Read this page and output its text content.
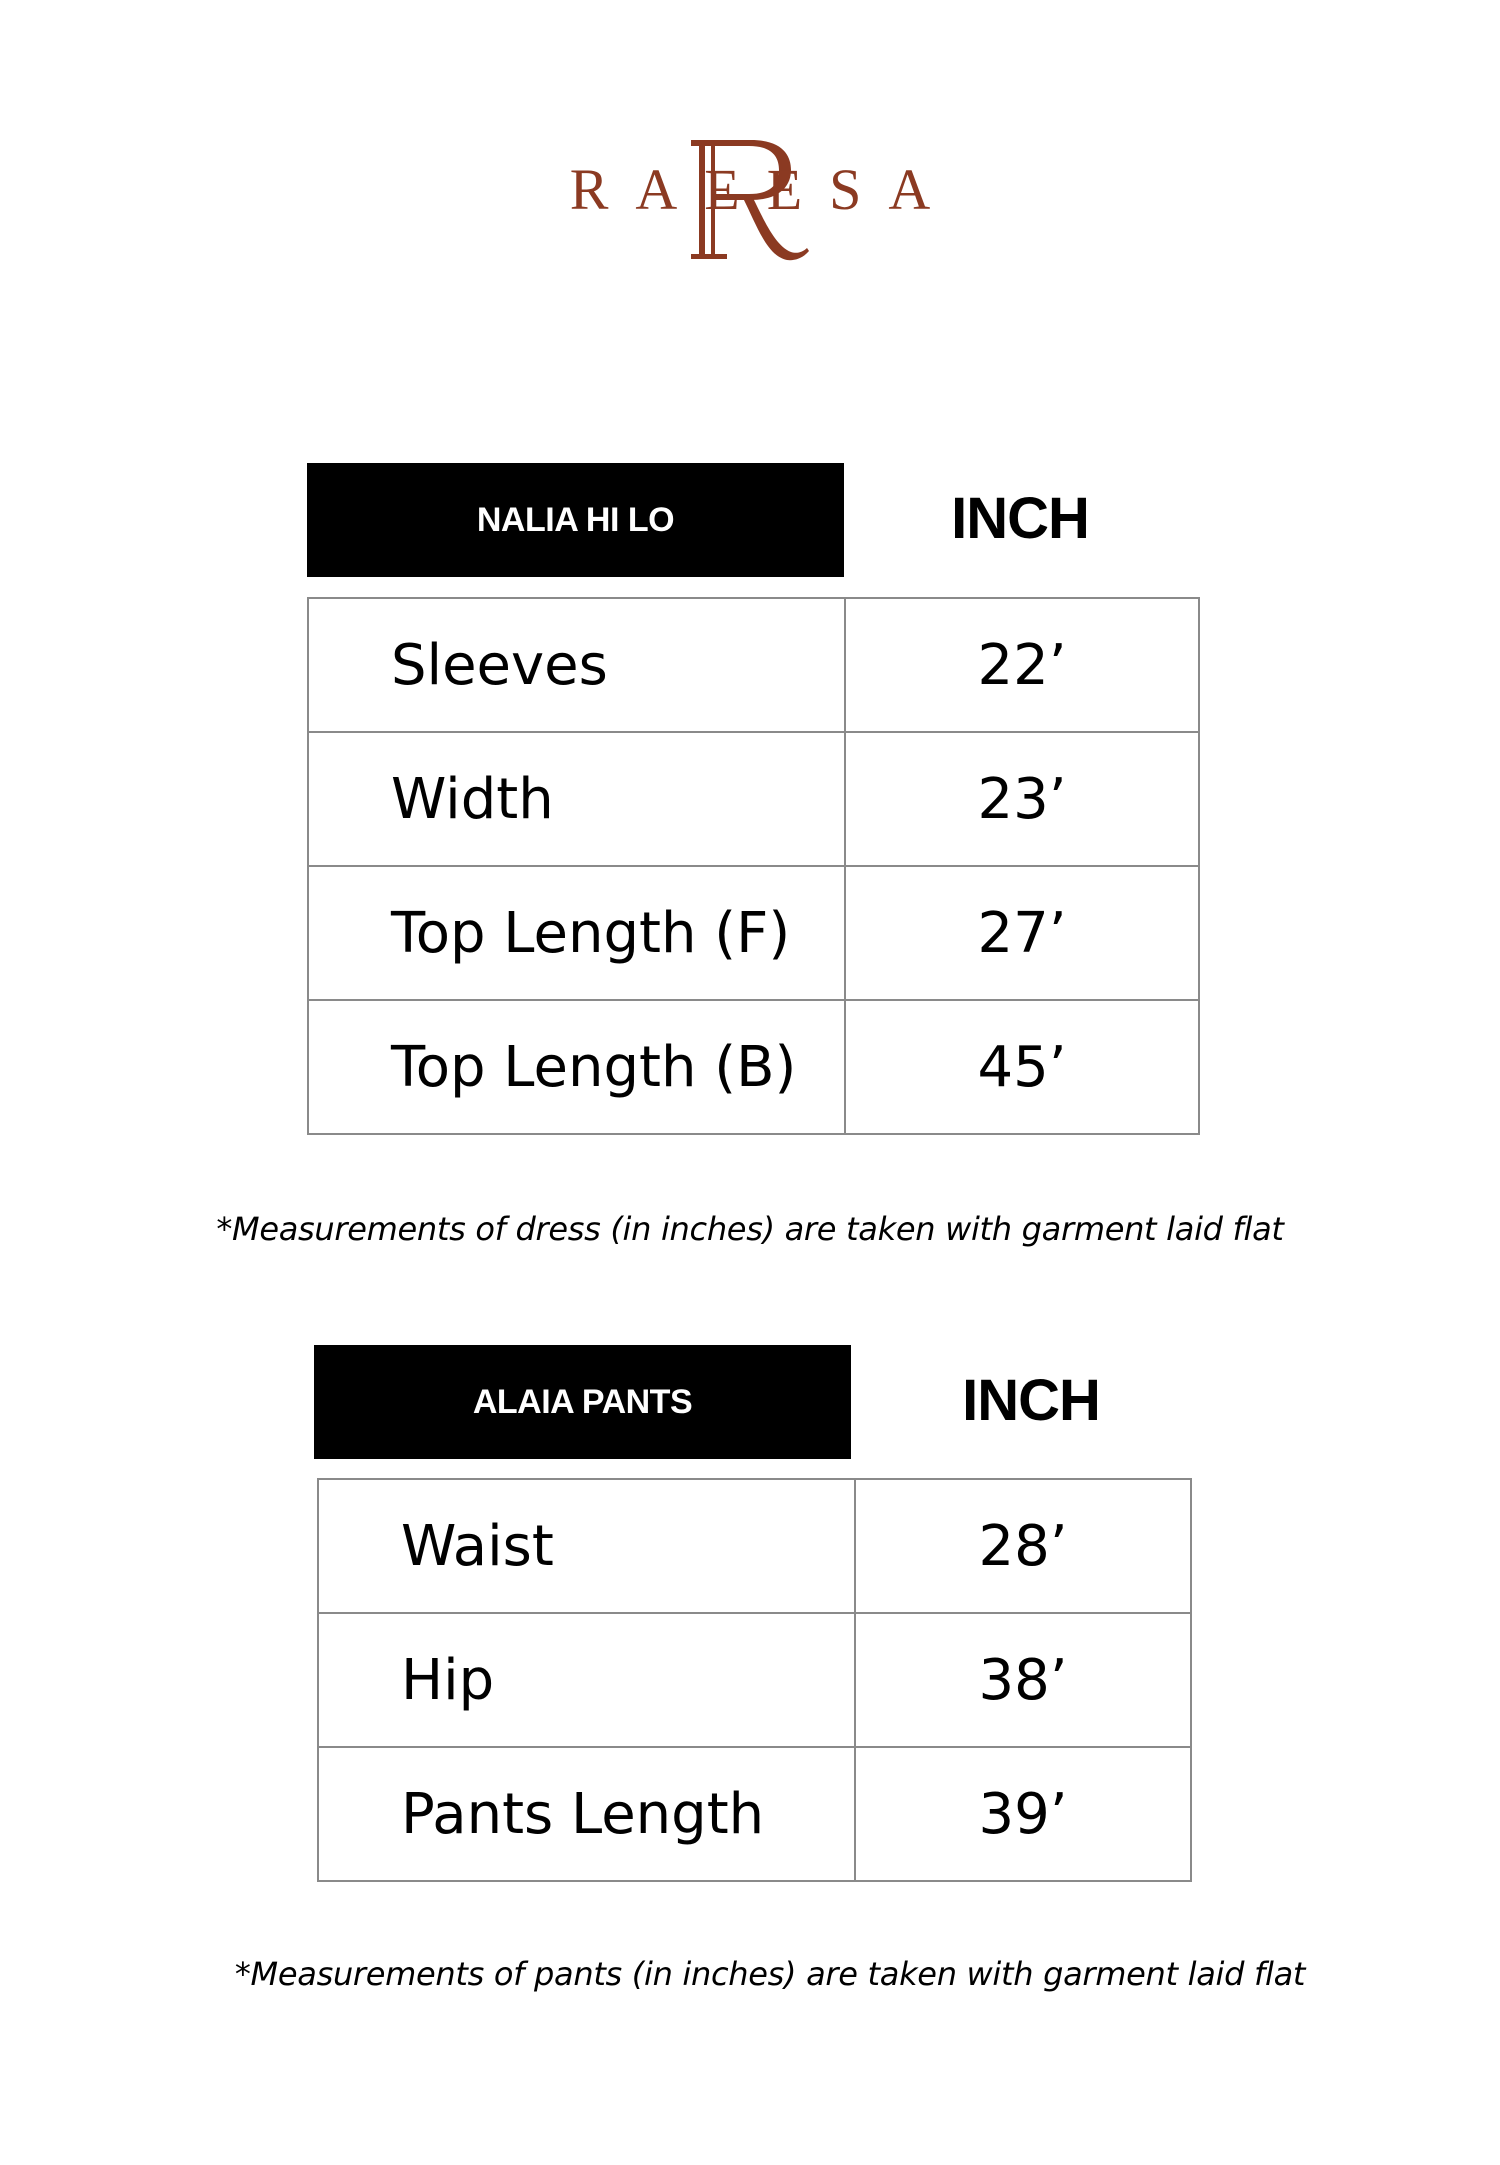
RAEESA
NALIA HI LO	INCH
Sleeves	22’
Width	23’
Top Length (F)	27’
Top Length (B)	45’
*Measurements of dress (in inches) are taken with garment laid flat
ALAIA PANTS	INCH
Waist	28’
Hip	38’
Pants Length	39’
*Measurements of pants (in inches) are taken with garment laid flat
